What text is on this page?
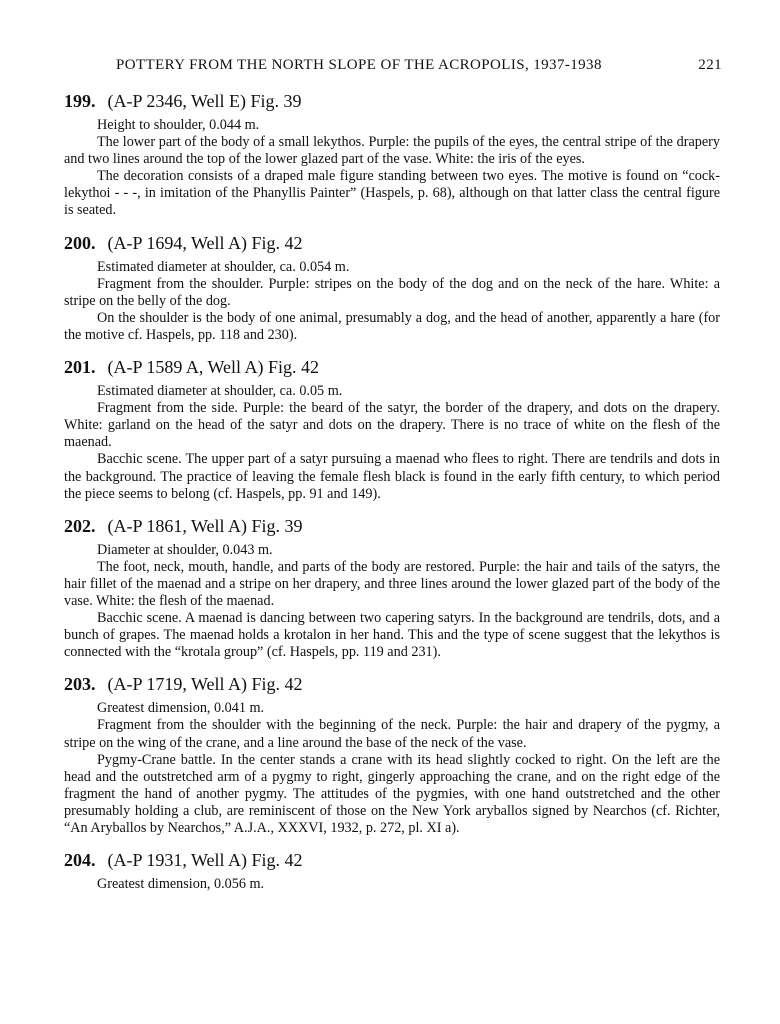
POTTERY FROM THE NORTH SLOPE OF THE ACROPOLIS, 1937-1938	221
199. (A-P 2346, Well E) Fig. 39

Height to shoulder, 0.044 m.

The lower part of the body of a small lekythos. Purple: the pupils of the eyes, the central stripe of the drapery and two lines around the top of the lower glazed part of the vase. White: the iris of the eyes.

The decoration consists of a draped male figure standing between two eyes. The motive is found on “cock-lekythoi - - -, in imitation of the Phanyllis Painter” (Haspels, p. 68), although on that latter class the central figure is seated.

200. (A-P 1694, Well A) Fig. 42

Estimated diameter at shoulder, ca. 0.054 m.

Fragment from the shoulder. Purple: stripes on the body of the dog and on the neck of the hare. White: a stripe on the belly of the dog.

On the shoulder is the body of one animal, presumably a dog, and the head of another, apparently a hare (for the motive cf. Haspels, pp. 118 and 230).

201. (A-P 1589 A, Well A) Fig. 42

Estimated diameter at shoulder, ca. 0.05 m.

Fragment from the side. Purple: the beard of the satyr, the border of the drapery, and dots on the drapery. White: garland on the head of the satyr and dots on the drapery. There is no trace of white on the flesh of the maenad.

Bacchic scene. The upper part of a satyr pursuing a maenad who flees to right. There are tendrils and dots in the background. The practice of leaving the female flesh black is found in the early fifth century, to which period the piece seems to belong (cf. Haspels, pp. 91 and 149).

202. (A-P 1861, Well A) Fig. 39

Diameter at shoulder, 0.043 m.

The foot, neck, mouth, handle, and parts of the body are restored. Purple: the hair and tails of the satyrs, the hair fillet of the maenad and a stripe on her drapery, and three lines around the lower glazed part of the body of the vase. White: the flesh of the maenad.

Bacchic scene. A maenad is dancing between two capering satyrs. In the background are tendrils, dots, and a bunch of grapes. The maenad holds a krotalon in her hand. This and the type of scene suggest that the lekythos is connected with the “krotala group” (cf. Haspels, pp. 119 and 231).

203. (A-P 1719, Well A) Fig. 42

Greatest dimension, 0.041 m.

Fragment from the shoulder with the beginning of the neck. Purple: the hair and drapery of the pygmy, a stripe on the wing of the crane, and a line around the base of the neck of the vase.

Pygmy-Crane battle. In the center stands a crane with its head slightly cocked to right. On the left are the head and the outstretched arm of a pygmy to right, gingerly approaching the crane, and on the right edge of the fragment the hand of another pygmy. The attitudes of the pygmies, with one hand outstretched and the other presumably holding a club, are reminiscent of those on the New York aryballos signed by Nearchos (cf. Richter, “An Aryballos by Nearchos,” A.J.A., XXXVI, 1932, p. 272, pl. XI a).

204. (A-P 1931, Well A) Fig. 42

Greatest dimension, 0.056 m.
